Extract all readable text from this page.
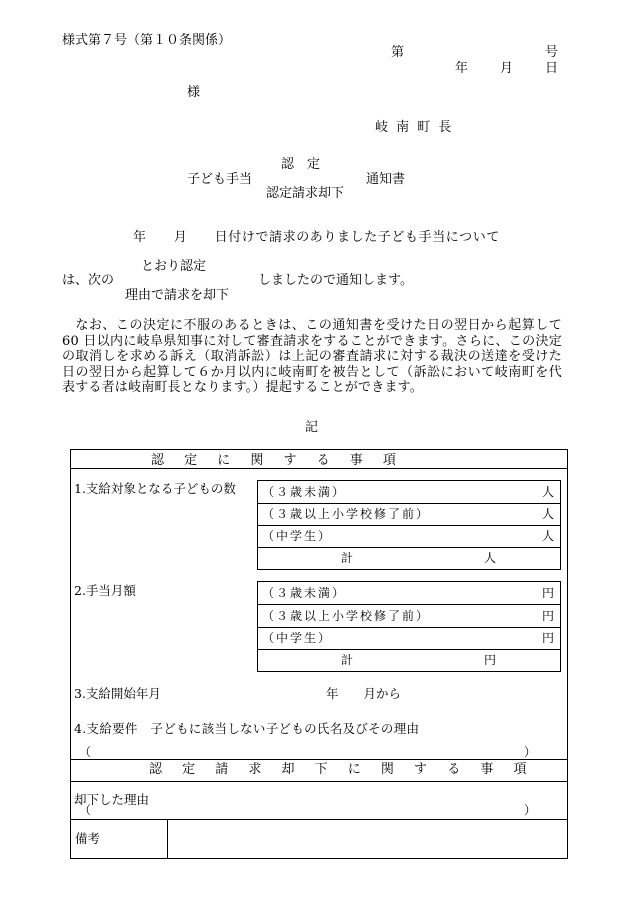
様式第７号（第１０条関係）
第	号
年 月 日
様
岐 南 町 長
認　定
子ども手当	通知書
認定請求却下
年　　月　　日付けで請求のありました子ども手当について
とおり認定
は、次の	しましたので通知します。
理由で請求を却下
なお、この決定に不服のあるときは、この通知書を受けた日の翌日から起算して 60 日以内に岐阜県知事に対して審査請求をすることができます。さらに、この決定の取消しを求める訴え（取消訴訟）は上記の審査請求に対する裁決の送達を受けた日の翌日から起算して６か月以内に岐南町を被告として（訴訟において岐南町を代表する者は岐南町長となります。）提起することができます。
記
認 定 に 関 す る 事 項
1.支給対象となる子どもの数 （３歳未満）	人
（３歳以上小学校修了前）	人
（中学生）	人
計	人
2.手当月額	（３歳未満）	円
（３歳以上小学校修了前）	円
（中学生）	円
計	円
3.支給開始年月	年　　月から
4.支給要件　子どもに該当しない子どもの氏名及びその理由
（	）
認 定 請 求 却 下 に 関 す る 事 項
却下した理由
（	）
備考
